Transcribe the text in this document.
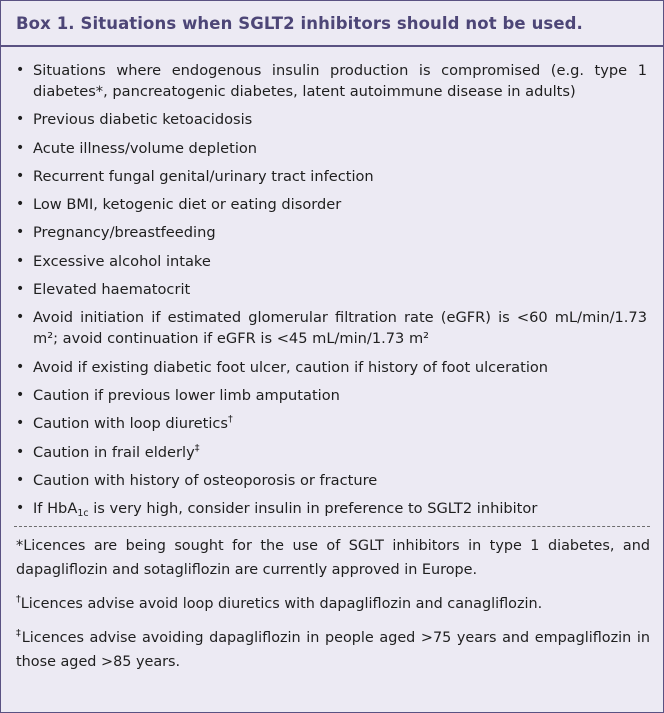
Box 1. Situations when SGLT2 inhibitors should not be used.
• Situations where endogenous insulin production is compromised (e.g. type 1 diabetes*, pancreatogenic diabetes, latent autoimmune disease in adults)
• Previous diabetic ketoacidosis
• Acute illness/volume depletion
• Recurrent fungal genital/urinary tract infection
• Low BMI, ketogenic diet or eating disorder
• Pregnancy/breastfeeding
• Excessive alcohol intake
• Elevated haematocrit
• Avoid initiation if estimated glomerular filtration rate (eGFR) is <60 mL/min/1.73 m²; avoid continuation if eGFR is <45 mL/min/1.73 m²
• Avoid if existing diabetic foot ulcer, caution if history of foot ulceration
• Caution if previous lower limb amputation
• Caution with loop diuretics†
• Caution in frail elderly‡
• Caution with history of osteoporosis or fracture
• If HbA$_{1c}$ is very high, consider insulin in preference to SGLT2 inhibitor

*Licences are being sought for the use of SGLT inhibitors in type 1 diabetes, and dapagliflozin and sotagliflozin are currently approved in Europe.

†Licences advise avoid loop diuretics with dapagliflozin and canagliflozin.

‡Licences advise avoiding dapagliflozin in people aged >75 years and empagliflozin in those aged >85 years.
